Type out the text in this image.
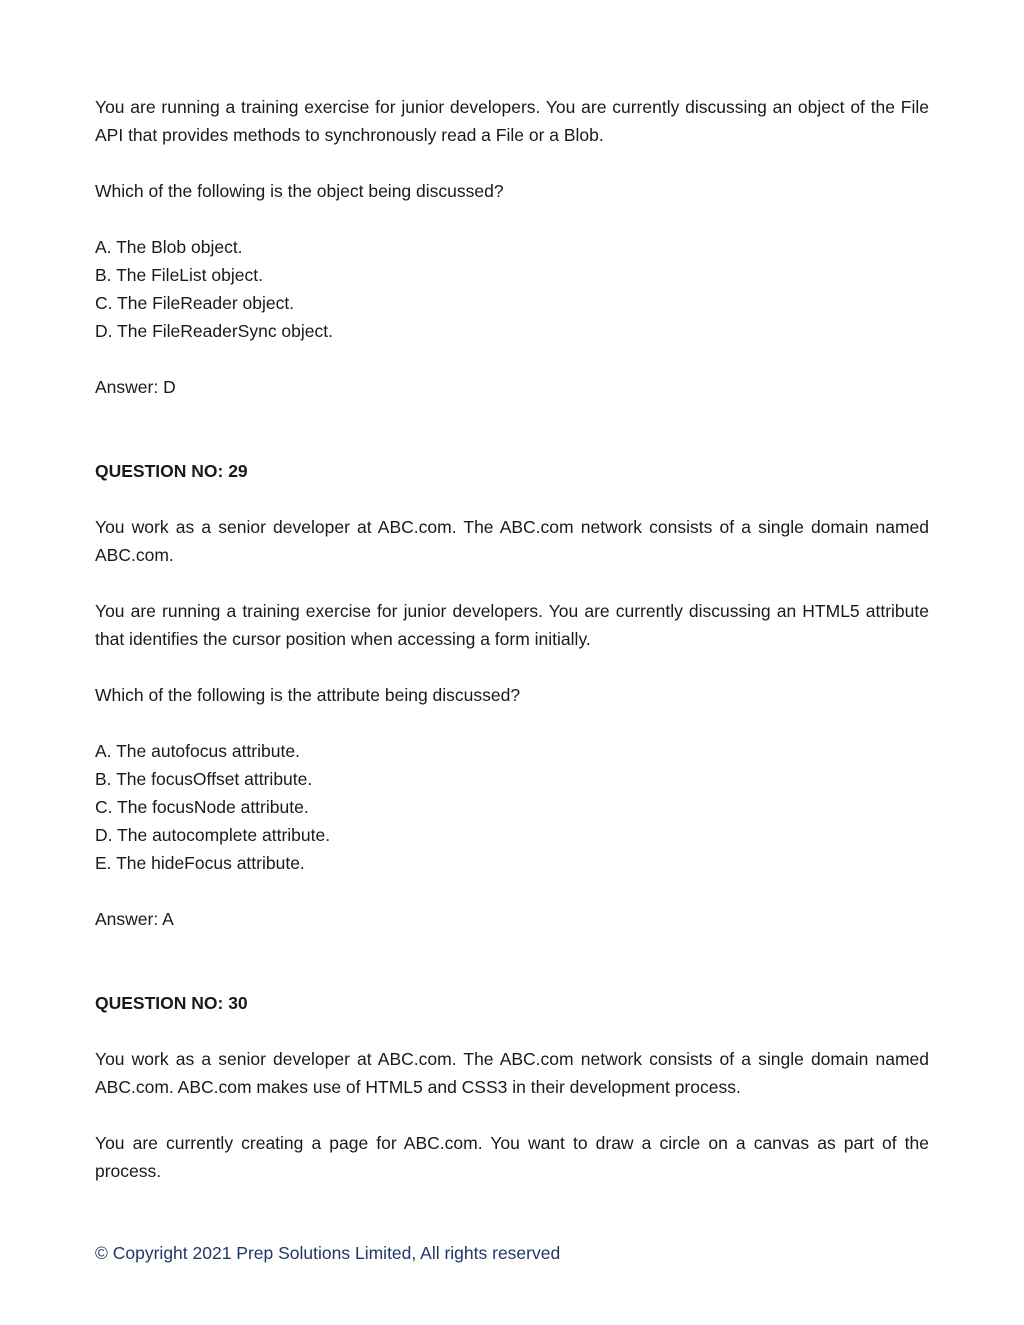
You are running a training exercise for junior developers. You are currently discussing an object of the File API that provides methods to synchronously read a File or a Blob.

Which of the following is the object being discussed?

A. The Blob object.

B. The FileList object.

C. The FileReader object.

D. The FileReaderSync object.

Answer: D

QUESTION NO: 29

You work as a senior developer at ABC.com. The ABC.com network consists of a single domain named ABC.com.

You are running a training exercise for junior developers. You are currently discussing an HTML5 attribute that identifies the cursor position when accessing a form initially.

Which of the following is the attribute being discussed?

A. The autofocus attribute.

B. The focusOffset attribute.

C. The focusNode attribute.

D. The autocomplete attribute.

E. The hideFocus attribute.

Answer: A

QUESTION NO: 30

You work as a senior developer at ABC.com. The ABC.com network consists of a single domain named ABC.com. ABC.com makes use of HTML5 and CSS3 in their development process.

You are currently creating a page for ABC.com. You want to draw a circle on a canvas as part of the process.

© Copyright 2021 Prep Solutions Limited, All rights reserved
